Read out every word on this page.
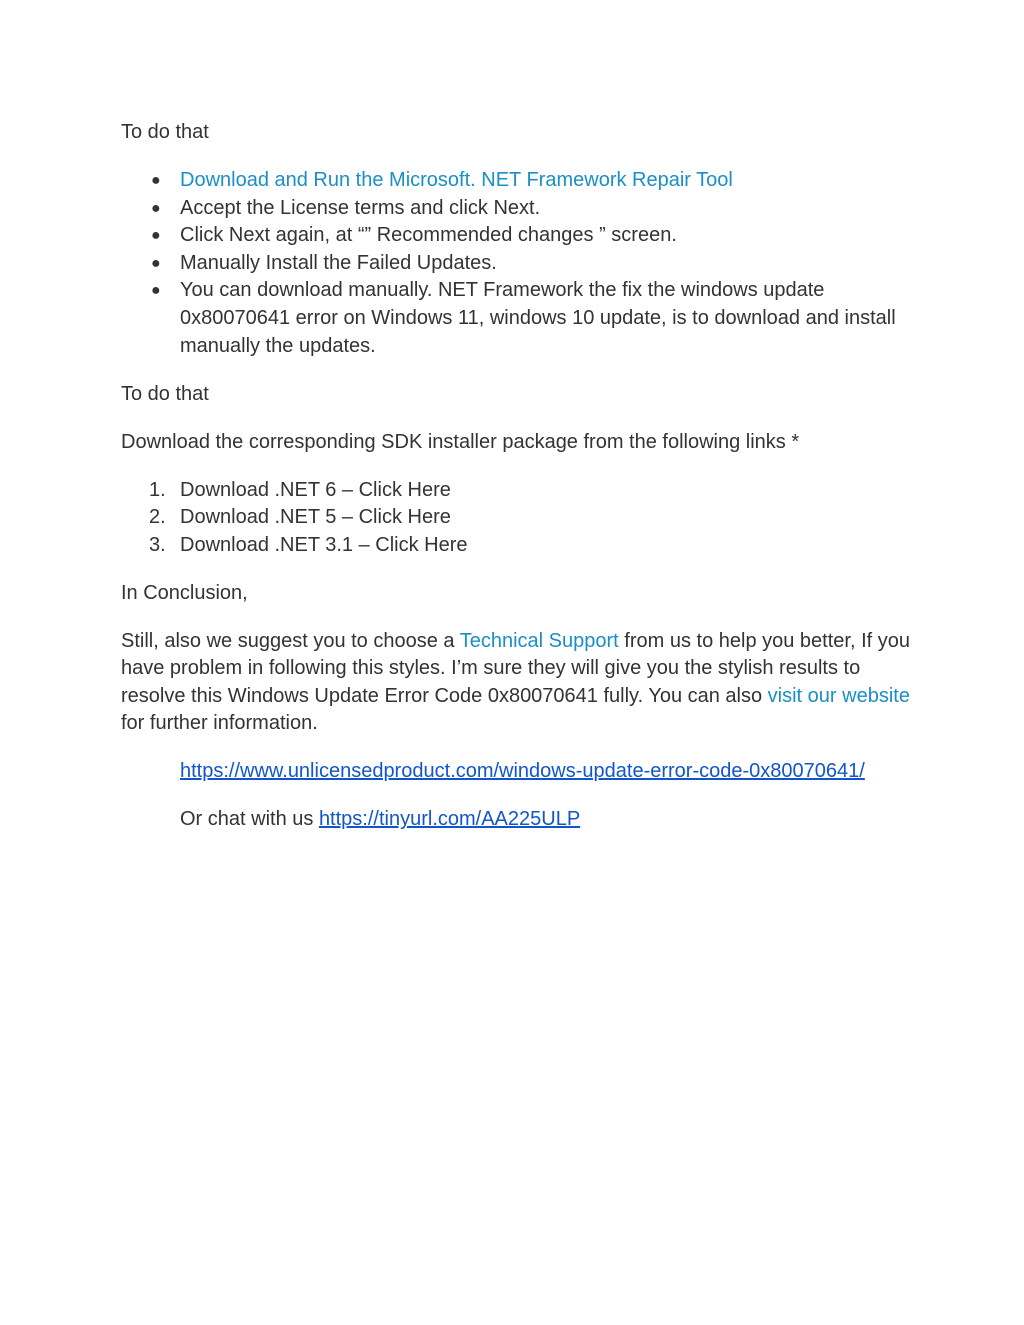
To do that

● Download and Run the Microsoft. NET Framework Repair Tool
● Accept the License terms and click Next.
● Click Next again, at “” Recommended changes ” screen.
● Manually Install the Failed Updates.
● You can download manually. NET Framework the fix the windows update 0x80070641 error on Windows 11, windows 10 update, is to download and install manually the updates.

To do that

Download the corresponding SDK installer package from the following links *

1. Download .NET 6 – Click Here
2. Download .NET 5 – Click Here
3. Download .NET 3.1 – Click Here

In Conclusion,

Still, also we suggest you to choose a Technical Support from us to help you better, If you have problem in following this styles. I’m sure they will give you the stylish results to resolve this Windows Update Error Code 0x80070641 fully. You can also visit our website for further information.

https://www.unlicensedproduct.com/windows-update-error-code-0x80070641/

Or chat with us https://tinyurl.com/AA225ULP
